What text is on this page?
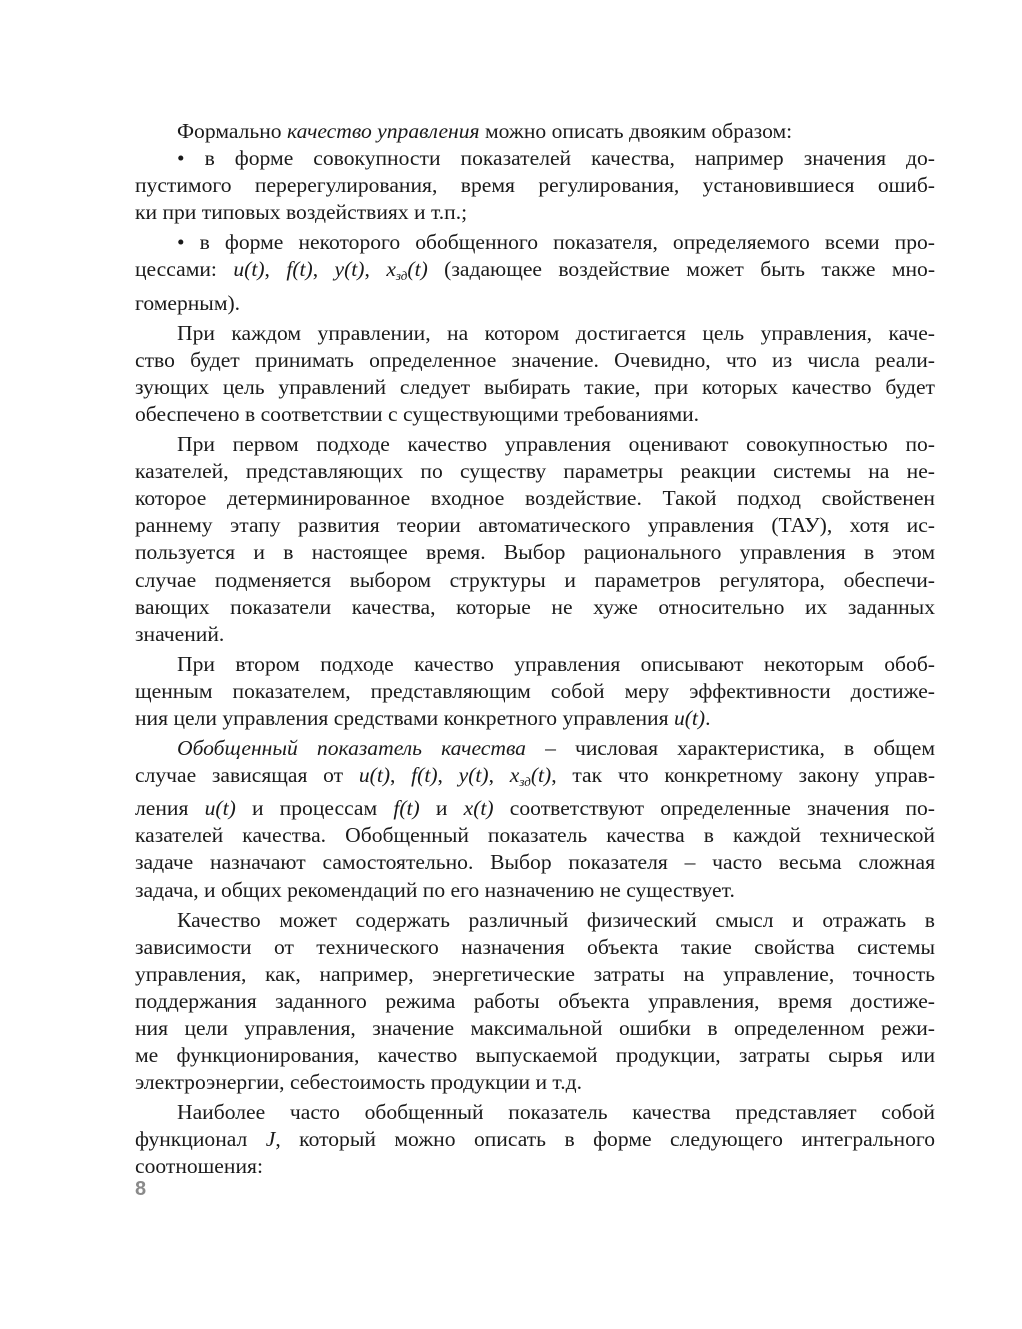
Формально качество управления можно описать двояким образом:
• в форме совокупности показателей качества, например значения до-
пустимого перерегулирования, время регулирования, установившиеся ошиб-
ки при типовых воздействиях и т.п.;
• в форме некоторого обобщенного показателя, определяемого всеми про-
цессами: u(t), f(t), y(t), $x_{зд}(t)$ (задающее воздействие может быть также мно-
гомерным).
При каждом управлении, на котором достигается цель управления, каче-
ство будет принимать определенное значение. Очевидно, что из числа реали-
зующих цель управлений следует выбирать такие, при которых качество будет
обеспечено в соответствии с существующими требованиями.
При первом подходе качество управления оценивают совокупностью по-
казателей, представляющих по существу параметры реакции системы на не-
которое детерминированное входное воздействие. Такой подход свойственен
раннему этапу развития теории автоматического управления (ТАУ), хотя ис-
пользуется и в настоящее время. Выбор рационального управления в этом
случае подменяется выбором структуры и параметров регулятора, обеспечи-
вающих показатели качества, которые не хуже относительно их заданных
значений.
При втором подходе качество управления описывают некоторым обоб-
щенным показателем, представляющим собой меру эффективности достиже-
ния цели управления средствами конкретного управления u(t).
Обобщенный показатель качества – числовая характеристика, в общем
случае зависящая от u(t), f(t), y(t), $x_{зд}(t)$, так что конкретному закону управ-
ления u(t) и процессам f(t) и x(t) соответствуют определенные значения по-
казателей качества. Обобщенный показатель качества в каждой технической
задаче назначают самостоятельно. Выбор показателя – часто весьма сложная
задача, и общих рекомендаций по его назначению не существует.
Качество может содержать различный физический смысл и отражать в
зависимости от технического назначения объекта такие свойства системы
управления, как, например, энергетические затраты на управление, точность
поддержания заданного режима работы объекта управления, время достиже-
ния цели управления, значение максимальной ошибки в определенном режи-
ме функционирования, качество выпускаемой продукции, затраты сырья или
электроэнергии, себестоимость продукции и т.д.
Наиболее часто обобщенный показатель качества представляет собой
функционал J, который можно описать в форме следующего интегрального
соотношения:
8
